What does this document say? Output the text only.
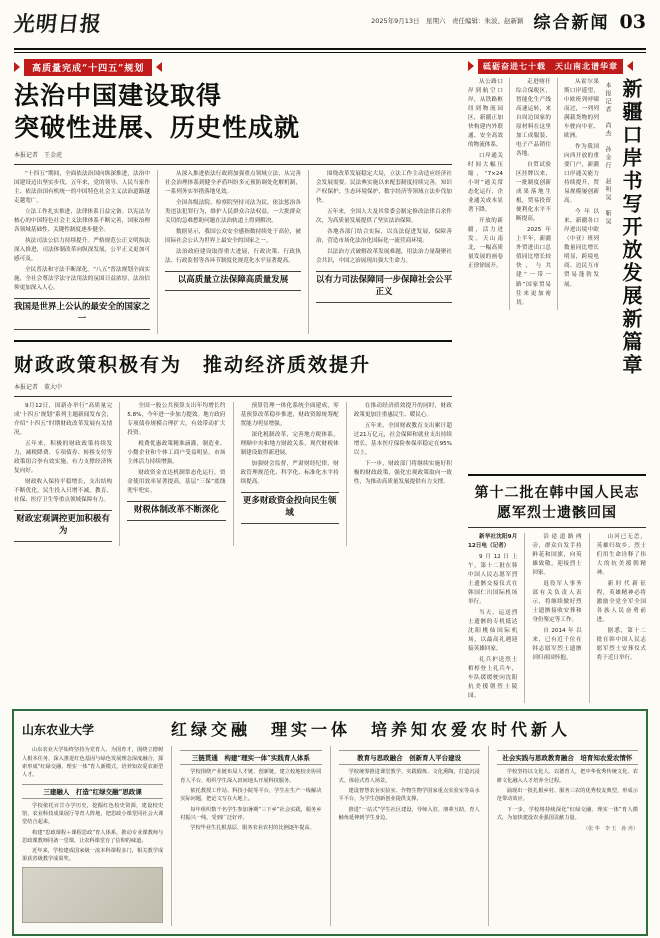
光明日报	2025年9月13日　星期六　责任编辑：朱波、赵新颖 综合新闻 03
高质量完成“十四五”规划
法治中国建设取得
突破性进展、历史性成就
本报记者　王金虎

“十四五”期间，全面依法治国向纵深推进，法治中国建设迈出坚实步伐。五年来，党的领导、人民当家作主、依法治国有机统一的中国特色社会主义法治道路越走越宽广。

立法工作扎实推进，法律体系日益完备。以宪法为核心的中国特色社会主义法律体系不断完善，国家治理各领域基础性、关键性制度逐步健全。

执法司法公信力持续提升。严格规范公正文明执法深入推进，司法体制改革向纵深发展，公平正义更加可感可及。

全民普法和守法不断深化。“八五”普法规划全面实施，全社会尊法学法守法用法的氛围日益浓厚，法治信仰更加深入人心。

我国是世界上公认的最安全的国家之一

从深入推进依法行政到加强重点领域立法，从完善社会治理体系到健全矛盾纠纷多元预防调处化解机制，一系列务实举措落地见效。

全国各级法院、检察院坚持司法为民，依法惩治各类违法犯罪行为，维护人民群众合法权益。一大批群众关切的急难愁盼问题在法治轨道上得到解决。

数据显示，我国公众安全感指数持续处于高位，被国际社会公认为世界上最安全的国家之一。

法治政府建设取得重大进展，行政决策、行政执法、行政监督等各环节制度化规范化水平显著提高。

以高质量立法保障高质量发展

围绕改革发展稳定大局，立法工作主动适应经济社会发展需要。民法典实施以来配套制度持续完善，知识产权保护、生态环境保护、数字经济等领域立法步伐加快。

五年来，全国人大及其常委会制定修改法律百余件次，为高质量发展提供了坚实法治保障。

各地各部门结合实际，以良法促进发展、保障善治，营造市场化法治化国际化一流营商环境。

以法治方式破解改革发展难题，用法治力量凝聚社会共识，中国之治展现出强大生命力。

以有力司法保障同一步保障社会公平正义
财政政策积极有为　推动经济质效提升
本报记者　董大中

9月12日，国新办举行“高质量完成‘十四五’规划”系列主题新闻发布会，介绍“十四五”时期财政改革发展有关情况。

五年来，积极的财政政策持续发力，减税降费、专项债券、转移支付等政策组合拳有效实施，有力支撑经济恢复向好。

财政收入保持平稳增长，支出结构不断优化，民生投入只增不减，教育、社保、医疗卫生等重点领域保障有力。

财政宏观调控更加积极有为

全国一般公共预算支出年均增长约5.8%，今年进一步加力提效。地方政府专项债券规模合理扩大，有效带动扩大投资。

税费优惠政策精准滴灌，制造业、小微企业和个体工商户受益明显，市场主体活力持续增强。

财政资金直达机制常态化运行，资金使用效率显著提高，基层“三保”底线兜牢兜实。

财税体制改革不断深化

预算管理一体化系统全面建成，零基预算改革稳步推进，财政资源统筹配置能力明显增强。

深化税制改革，完善地方税体系，理顺中央和地方财政关系，现代财税体制建设取得新进展。

加强财会监督，严肃财经纪律，财政管理规范化、科学化、标准化水平持续提高。

更多财政资金投向民生领域

在推动经济质效提升的同时，财政政策更加注重惠民生、暖民心。

五年来，全国财政教育支出累计超过21万亿元，社会保障和就业支出持续增长，基本医疗保险参保率稳定在95%以上。

下一步，财政部门将继续实施好积极的财政政策，强化宏观政策取向一致性，为推动高质量发展提供有力支撑。

砥砺奋进七十载　天山南北谱华章
新疆口岸书写开放发展新篇章
本报记者　尚杰　孙金行　赵明昊　靳昊

从霍尔果斯口岸遥望，中欧班列呼啸而过，一列列满载货物的列车驶向中亚、欧洲。

作为我国向西开放的重要门户，新疆口岸通关能力持续提升，贸易规模屡创新高。

今年以来，新疆各口岸进出境中欧（中亚）班列数量同比增长明显，跨境电商、边民互市贸易蓬勃发展。

走进喀什综合保税区，智能化生产线高速运转，来自周边国家的原材料在这里加工成服装、电子产品销往各地。

自贸试验区挂牌以来，一批制度创新成果落地生根，贸易投资便利化水平不断提高。

2025年上半年，新疆外贸进出口总值同比增长较快，与共建“一带一路”国家贸易往来更加密切。

从公路口岸到航空口岸，从铁路枢纽到物流园区，新疆正加快构建内外联通、安全高效的物流体系。

口岸通关时间大幅压缩，“7×24小时”通关常态化运行，企业通关成本显著下降。

开放的新疆，活力迸发。天山南北，一幅高质量发展的画卷正徐徐展开。

第十二批在韩中国人民志愿军烈士遗骸回国

新华社沈阳9月12日电（记者）

9月12日上午，第十二批在韩中国人民志愿军烈士遗骸交接仪式在韩国仁川国际机场举行。

当天，运送烈士遗骸的专机抵达沈阳桃仙国际机场，以最高礼遇迎接英雄回家。

礼兵护送烈士棺椁登上礼兵车，车队缓缓驶向沈阳抗美援朝烈士陵园。

沿途道路两旁，群众自发手持鲜花和国旗，向英雄致敬，迎接烈士回家。

退役军人事务部有关负责人表示，将继续做好烈士遗骸接收安葬和身份鉴定等工作。

自2014年以来，已有近千位在韩志愿军烈士遗骸回归祖国怀抱。

山河已无恙，英雄归故乡。烈士们用生命诠释了伟大的抗美援朝精神。

新时代新征程，英雄精神必将激励全党全军全国各族人民奋勇前进。

据悉，第十二批在韩中国人民志愿军烈士安葬仪式将于近日举行。

山东农业大学	红绿交融　理实一体　培养知农爱农时代新人

山东农业大学始终坚持为党育人、为国育才，围绕立德树人根本任务，深入推进红色基因与绿色发展理念深度融合，探索形成“红绿交融、理实一体”育人新模式，培养知农爱农新型人才。

三建融人　打造“红绿交融”思政课

学校依托百廿办学历史，挖掘红色校史资源，建设校史馆、农业科技成果展厅等育人阵地，把思政小课堂同社会大课堂结合起来。

构建“思政课程＋课程思政”育人体系，推动专业课教师与思政课教师同备一堂课，让农科课堂有了信仰的味道。

近年来，学校建成国家级一流本科课程多门，相关教学成果获省级教学成果奖。

三链贯通　构建“理实一体”实践育人体系

学校围绕产业链布局人才链、创新链，建立校地校企协同育人平台，组织学生深入田间地头开展科技服务。

依托教授工作站、科技小院等平台，学生在生产一线解决实际问题，把论文写在大地上。

每年组织数千名学生参加暑期“三下乡”社会实践，服务乡村振兴一线，受到广泛好评。

学校毕业生扎根基层、服务农业农村的比例逐年提高。

教育与思政融合　创新育人平台建设

学校统筹推进课堂教学、实践锻炼、文化熏陶，打造沉浸式、体验式育人场景。

建设智慧农业实验室、作物生物学国家重点实验室等高水平平台，为学生创新创业提供支撑。

推进“一站式”学生社区建设，导师入驻、朋辈互助，育人触角延伸到学生身边。

社会实践与思政教育融合　培育知农爱农情怀

学校坚持以文化人、以德育人，把中华优秀传统文化、农耕文化融入人才培养全过程。

涌现出一批扎根乡村、服务三农的优秀校友典型，形成示范带动效应。

下一步，学校将持续深化“红绿交融、理实一体”育人模式，为加快建设农业强国贡献力量。

（张 华　李 玉　孙 冉）
